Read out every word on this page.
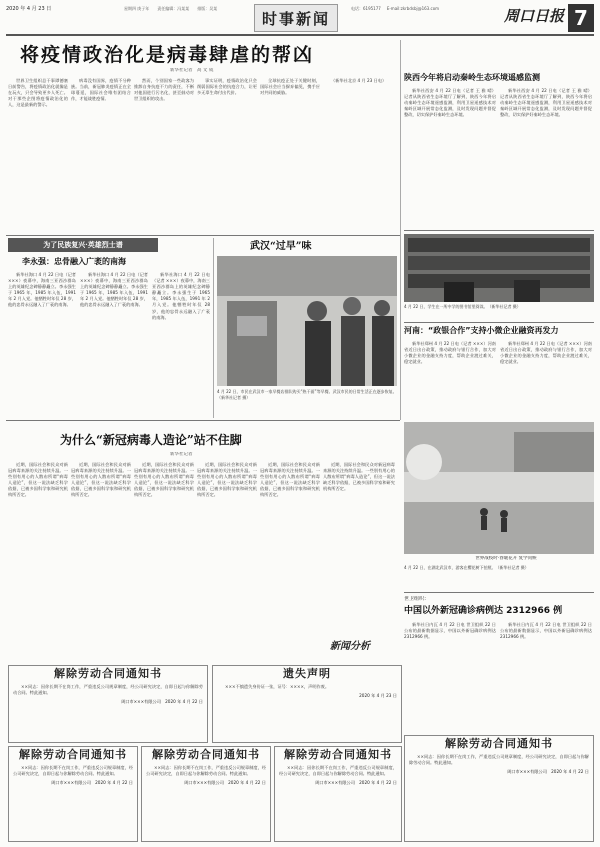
2020 年 4 月 23 日	星期四 庚子年 责任编辑：冯某某 排版：吴某
时事新闻
电话：6195177 E-mail:zkrbdsbj@163.com	周口日报 7
将疫情政治化是病毒肆虐的帮凶
新华社记者　高 文 成

世界卫生组织总干事谭德塞日前警告，将疫情政治化就像是在玩火，只会导致更多人死亡。对于那些企图将疫情政治化的人，这是最新的警示。

病毒没有国界，疫情不分种族。当前，新冠肺炎疫情正在全球蔓延，国际社会唯有团结合作，才能战胜疫情。

然而，个别国家一些政客为推卸自身抗疫不力的责任，不断对他国进行污名化，甚至鼓动对世卫组织的攻击。

事实证明，疫情政治化只会削弱国际社会的抗疫合力，让更多无辜生命付出代价。

全球抗疫正处于关键时刻，国际社会应当摒弃偏见，携手应对共同的威胁。

（新华社北京 4 月 23 日电）	陕西今年将启动秦岭生态环境遥感监测

新华社西安 4 月 22 日电（记者 王 雅 晴）记者从陕西省生态环境厅了解到，陕西今年将启动秦岭生态环境遥感监测，利用卫星遥感技术对秦岭区域开展常态化监测，及时发现问题并督促整改，切实保护好秦岭生态环境。

新华社西安 4 月 22 日电（记者 王 雅 晴）记者从陕西省生态环境厅了解到，陕西今年将启动秦岭生态环境遥感监测，利用卫星遥感技术对秦岭区域开展常态化监测，及时发现问题并督促整改，切实保护好秦岭生态环境。

为了民族复兴·英雄烈士谱
李永强：忠骨融入广袤的南海

新华社海口 4 月 22 日电（记者 ×××）夜幕中，海南三亚西沙群岛上的英雄纪念碑静静矗立。李永强生于 1965 年，1985 年入伍，1991 年 2 月入党。他牺牲时年仅 28 岁，他的忠骨永远融入了广袤的南海。

新华社海口 4 月 22 日电（记者 ×××）夜幕中，海南三亚西沙群岛上的英雄纪念碑静静矗立。李永强生于 1965 年，1985 年入伍，1991 年 2 月入党。他牺牲时年仅 28 岁，他的忠骨永远融入了广袤的南海。

新华社海口 4 月 22 日电（记者 ×××）夜幕中，海南三亚西沙群岛上的英雄纪念碑静静矗立。李永强生于 1965 年，1985 年入伍，1991 年 2 月入党。他牺牲时年仅 28 岁，他的忠骨永远融入了广袤的南海。

武汉“过早”味
4 月 22 日，市民在武汉市一家早餐店排队购买“热干面”等早餐。武汉市民的日常生活正在逐步恢复。（新华社记者 摄）
4 月 22 日，学生在一所中学的图书馆里阅读。（新华社记者 摄）
河南：“政银合作”支持小微企业融资再发力

新华社郑州 4 月 22 日电（记者 ×××）河南省近日出台政策，推动政府与银行合作，加大对小微企业的金融支持力度，帮助企业渡过难关，稳定就业。

新华社郑州 4 月 22 日电（记者 ×××）河南省近日出台政策，推动政府与银行合作，加大对小微企业的金融支持力度，帮助企业渡过难关，稳定就业。

为什么“新冠病毒人造论”站不住脚
新华社记者

近期，国际社会和民众对新冠病毒来源的关注持续升温。一些别有用心的人散布所谓“病毒人造论”，但这一说法缺乏科学依据，已被多国科学家和研究机构所否定。

近期，国际社会和民众对新冠病毒来源的关注持续升温。一些别有用心的人散布所谓“病毒人造论”，但这一说法缺乏科学依据，已被多国科学家和研究机构所否定。

近期，国际社会和民众对新冠病毒来源的关注持续升温。一些别有用心的人散布所谓“病毒人造论”，但这一说法缺乏科学依据，已被多国科学家和研究机构所否定。

近期，国际社会和民众对新冠病毒来源的关注持续升温。一些别有用心的人散布所谓“病毒人造论”，但这一说法缺乏科学依据，已被多国科学家和研究机构所否定。

近期，国际社会和民众对新冠病毒来源的关注持续升温。一些别有用心的人散布所谓“病毒人造论”，但这一说法缺乏科学依据，已被多国科学家和研究机构所否定。

近期，国际社会和民众对新冠病毒来源的关注持续升温。一些别有用心的人散布所谓“病毒人造论”，但这一说法缺乏科学依据，已被多国科学家和研究机构所否定。

新闻分析
世界战疫时·春暖花开 复学问候
4 月 22 日，在湖北武汉市，游客在樱花树下拍照。（新华社记者 摄）
世卫组织：
中国以外新冠确诊病例达 2312966 例

新华社日内瓦 4 月 22 日电 世卫组织 22 日公布的最新数据显示，中国以外新冠确诊病例达 2312966 例。

新华社日内瓦 4 月 22 日电 世卫组织 22 日公布的最新数据显示，中国以外新冠确诊病例达 2312966 例。

解除劳动合同通知书

××同志：因你长期不在岗工作，严重违反公司规章制度，经公司研究决定，自即日起与你解除劳动合同。特此通知。

周口市×××有限公司　2020 年 4 月 22 日
遗失声明

×××不慎遗失身份证一张，证号：××××，声明作废。

2020 年 4 月 23 日
解除劳动合同通知书

××同志：因你长期不在岗工作，严重违反公司规章制度，经公司研究决定，自即日起与你解除劳动合同。特此通知。

周口市×××有限公司　2020 年 4 月 22 日
解除劳动合同通知书

××同志：因你长期不在岗工作，严重违反公司规章制度，经公司研究决定，自即日起与你解除劳动合同。特此通知。

周口市×××有限公司　2020 年 4 月 22 日
解除劳动合同通知书

××同志：因你长期不在岗工作，严重违反公司规章制度，经公司研究决定，自即日起与你解除劳动合同。特此通知。

周口市×××有限公司　2020 年 4 月 22 日
解除劳动合同通知书

××同志：因你长期不在岗工作，严重违反公司规章制度，经公司研究决定，自即日起与你解除劳动合同。特此通知。

周口市×××有限公司　2020 年 4 月 22 日
